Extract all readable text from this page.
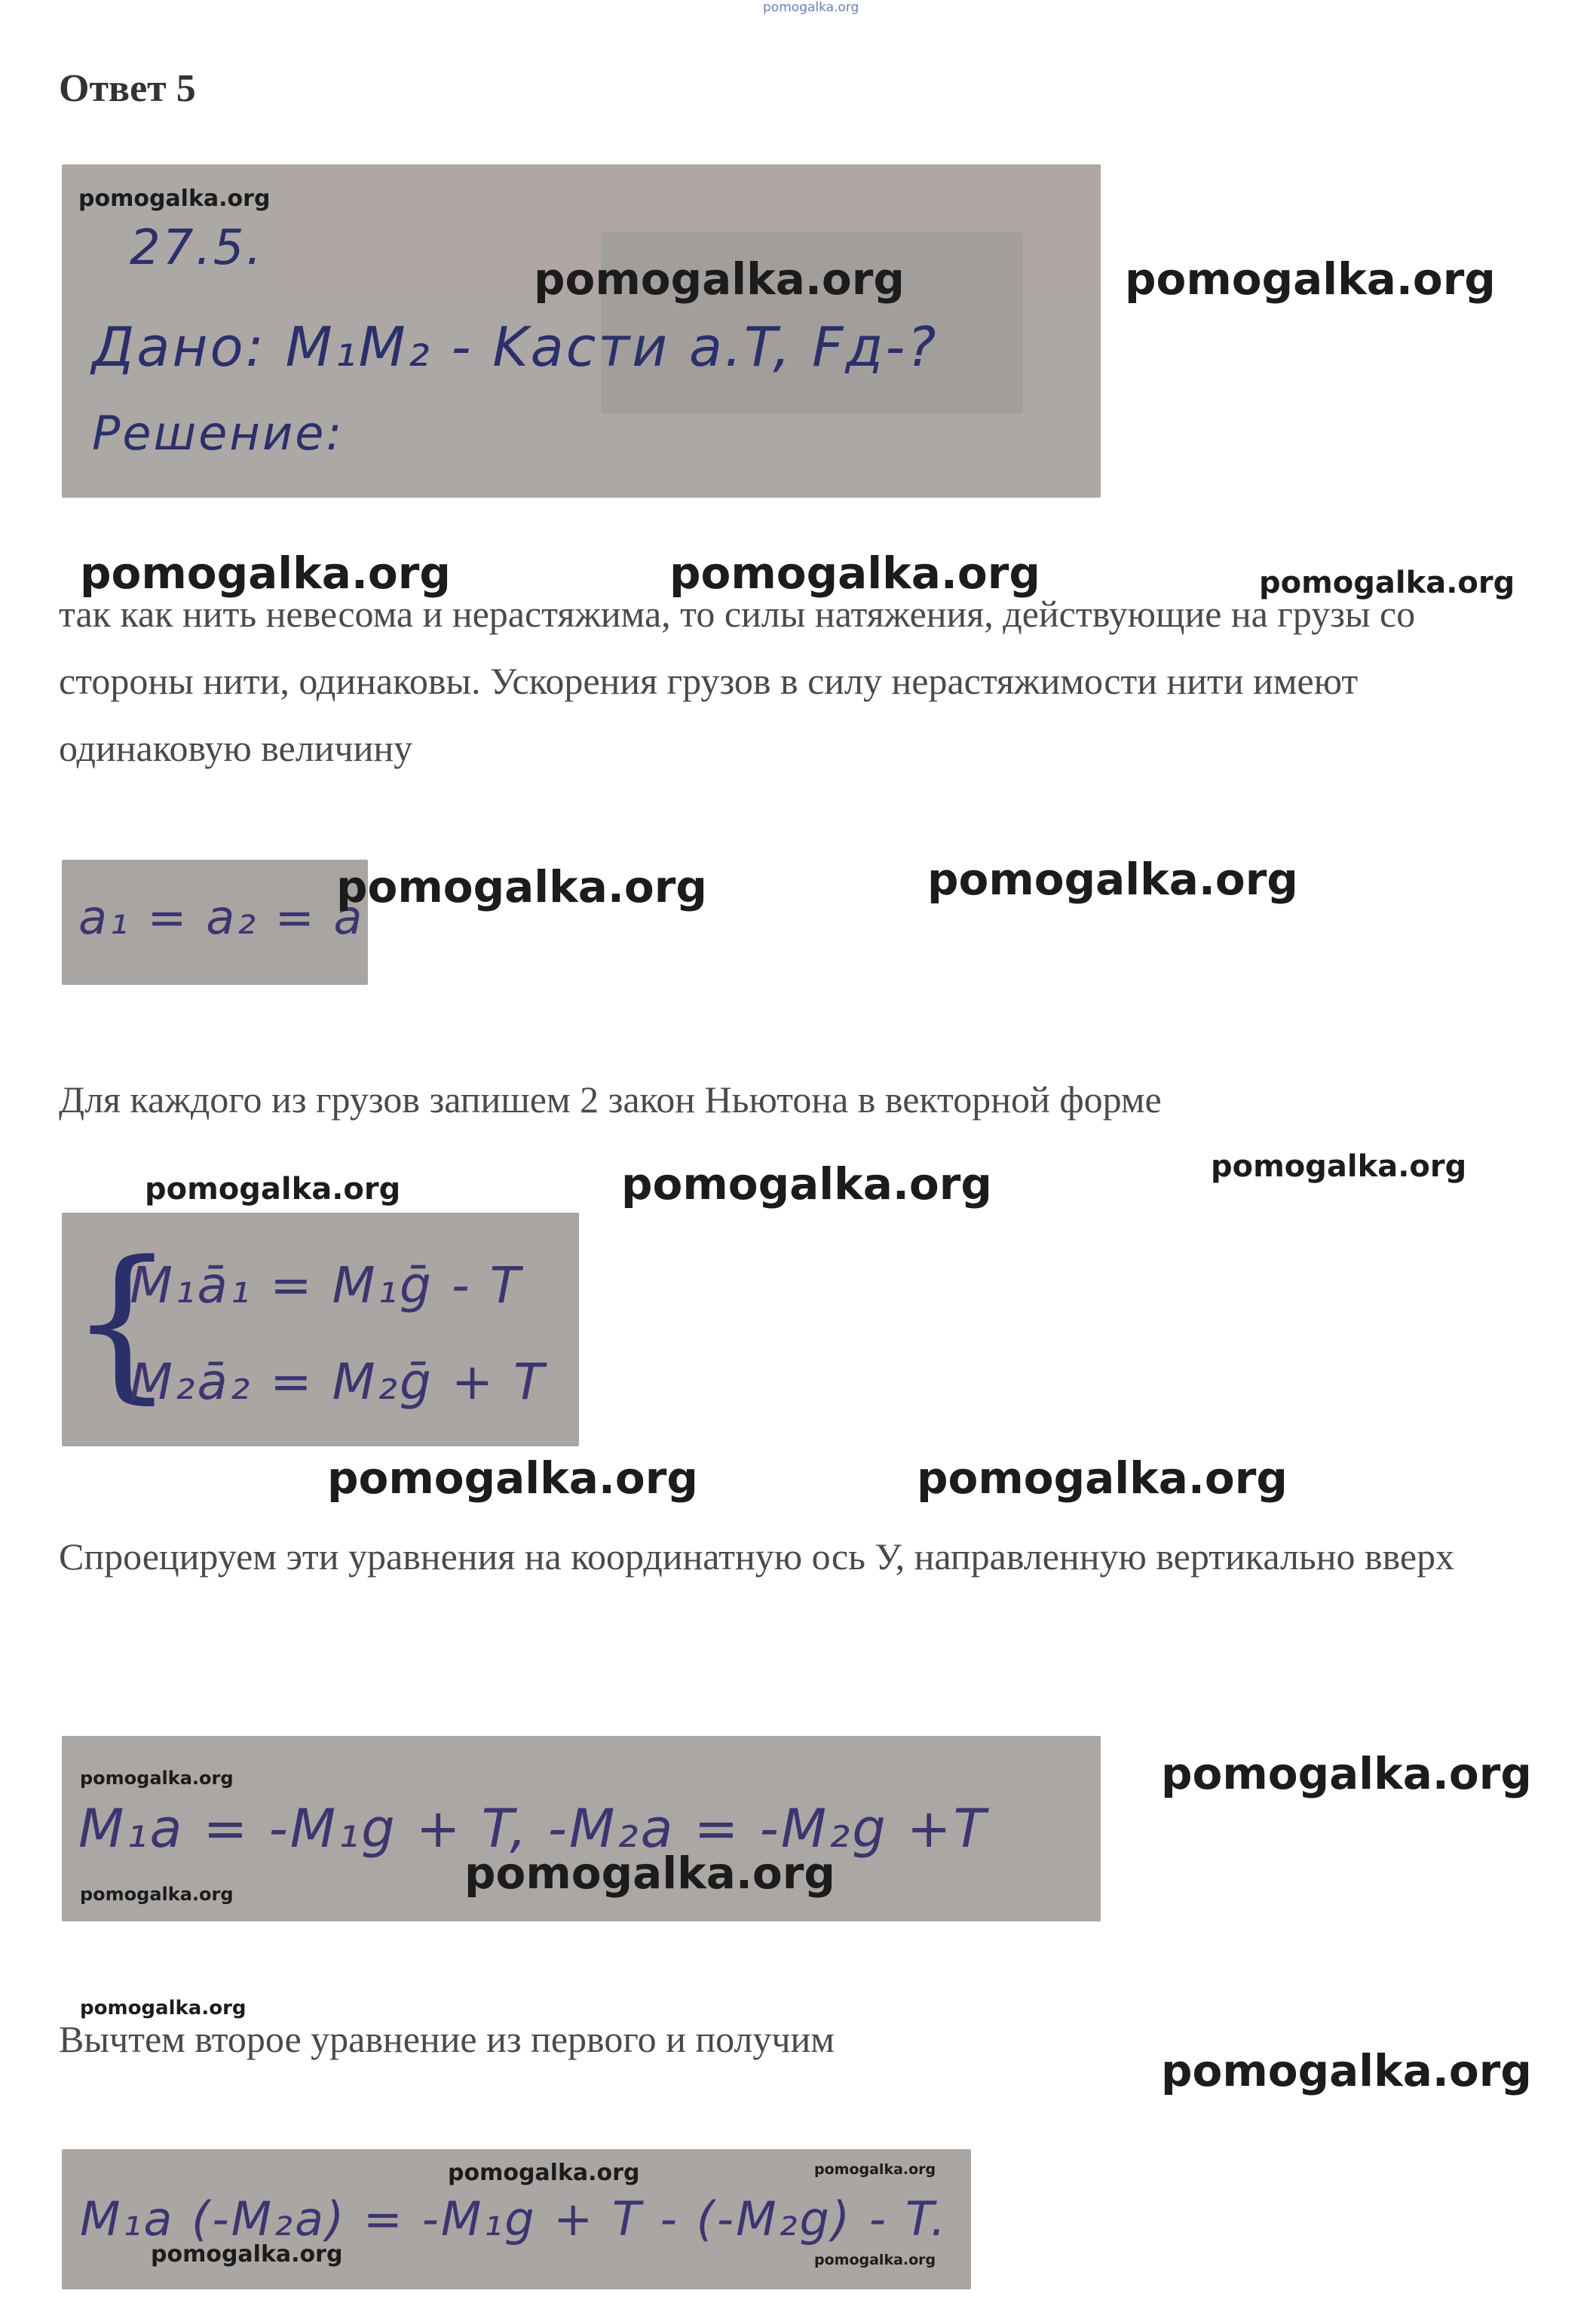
pomogalka.org
Ответ 5
27.5.
Дано: M₁M₂ - Kасти a.T, Fд-?
Решение:
pomogalka.org
pomogalka.org	pomogalka.org
pomogalka.org	pomogalka.org	pomogalka.org

так как нить невесома и нерастяжима, то силы натяжения, действующие на грузы со стороны нити, одинаковы. Ускорения грузов в силу нерастяжимости нити имеют одинаковую величину

a₁ = a₂ = a
pomogalka.org	pomogalka.org

Для каждого из грузов запишем 2 закон Ньютона в векторной форме

pomogalka.org	pomogalka.org	pomogalka.org
{
M₁ā₁ = M₁ḡ - T
M₂ā₂ = M₂ḡ + T
pomogalka.org	pomogalka.org

Спроецируем эти уравнения на координатную ось У, направленную вертикально вверх

M₁a = -M₁g + T, -M₂a = -M₂g +T
pomogalka.org
pomogalka.org	pomogalka.org
pomogalka.org
pomogalka.org

Вычтем второе уравнение из первого и получим

pomogalka.org
M₁a (-M₂a) = -M₁g + T - (-M₂g) - T.
pomogalka.org	pomogalka.org
pomogalka.org	pomogalka.org
